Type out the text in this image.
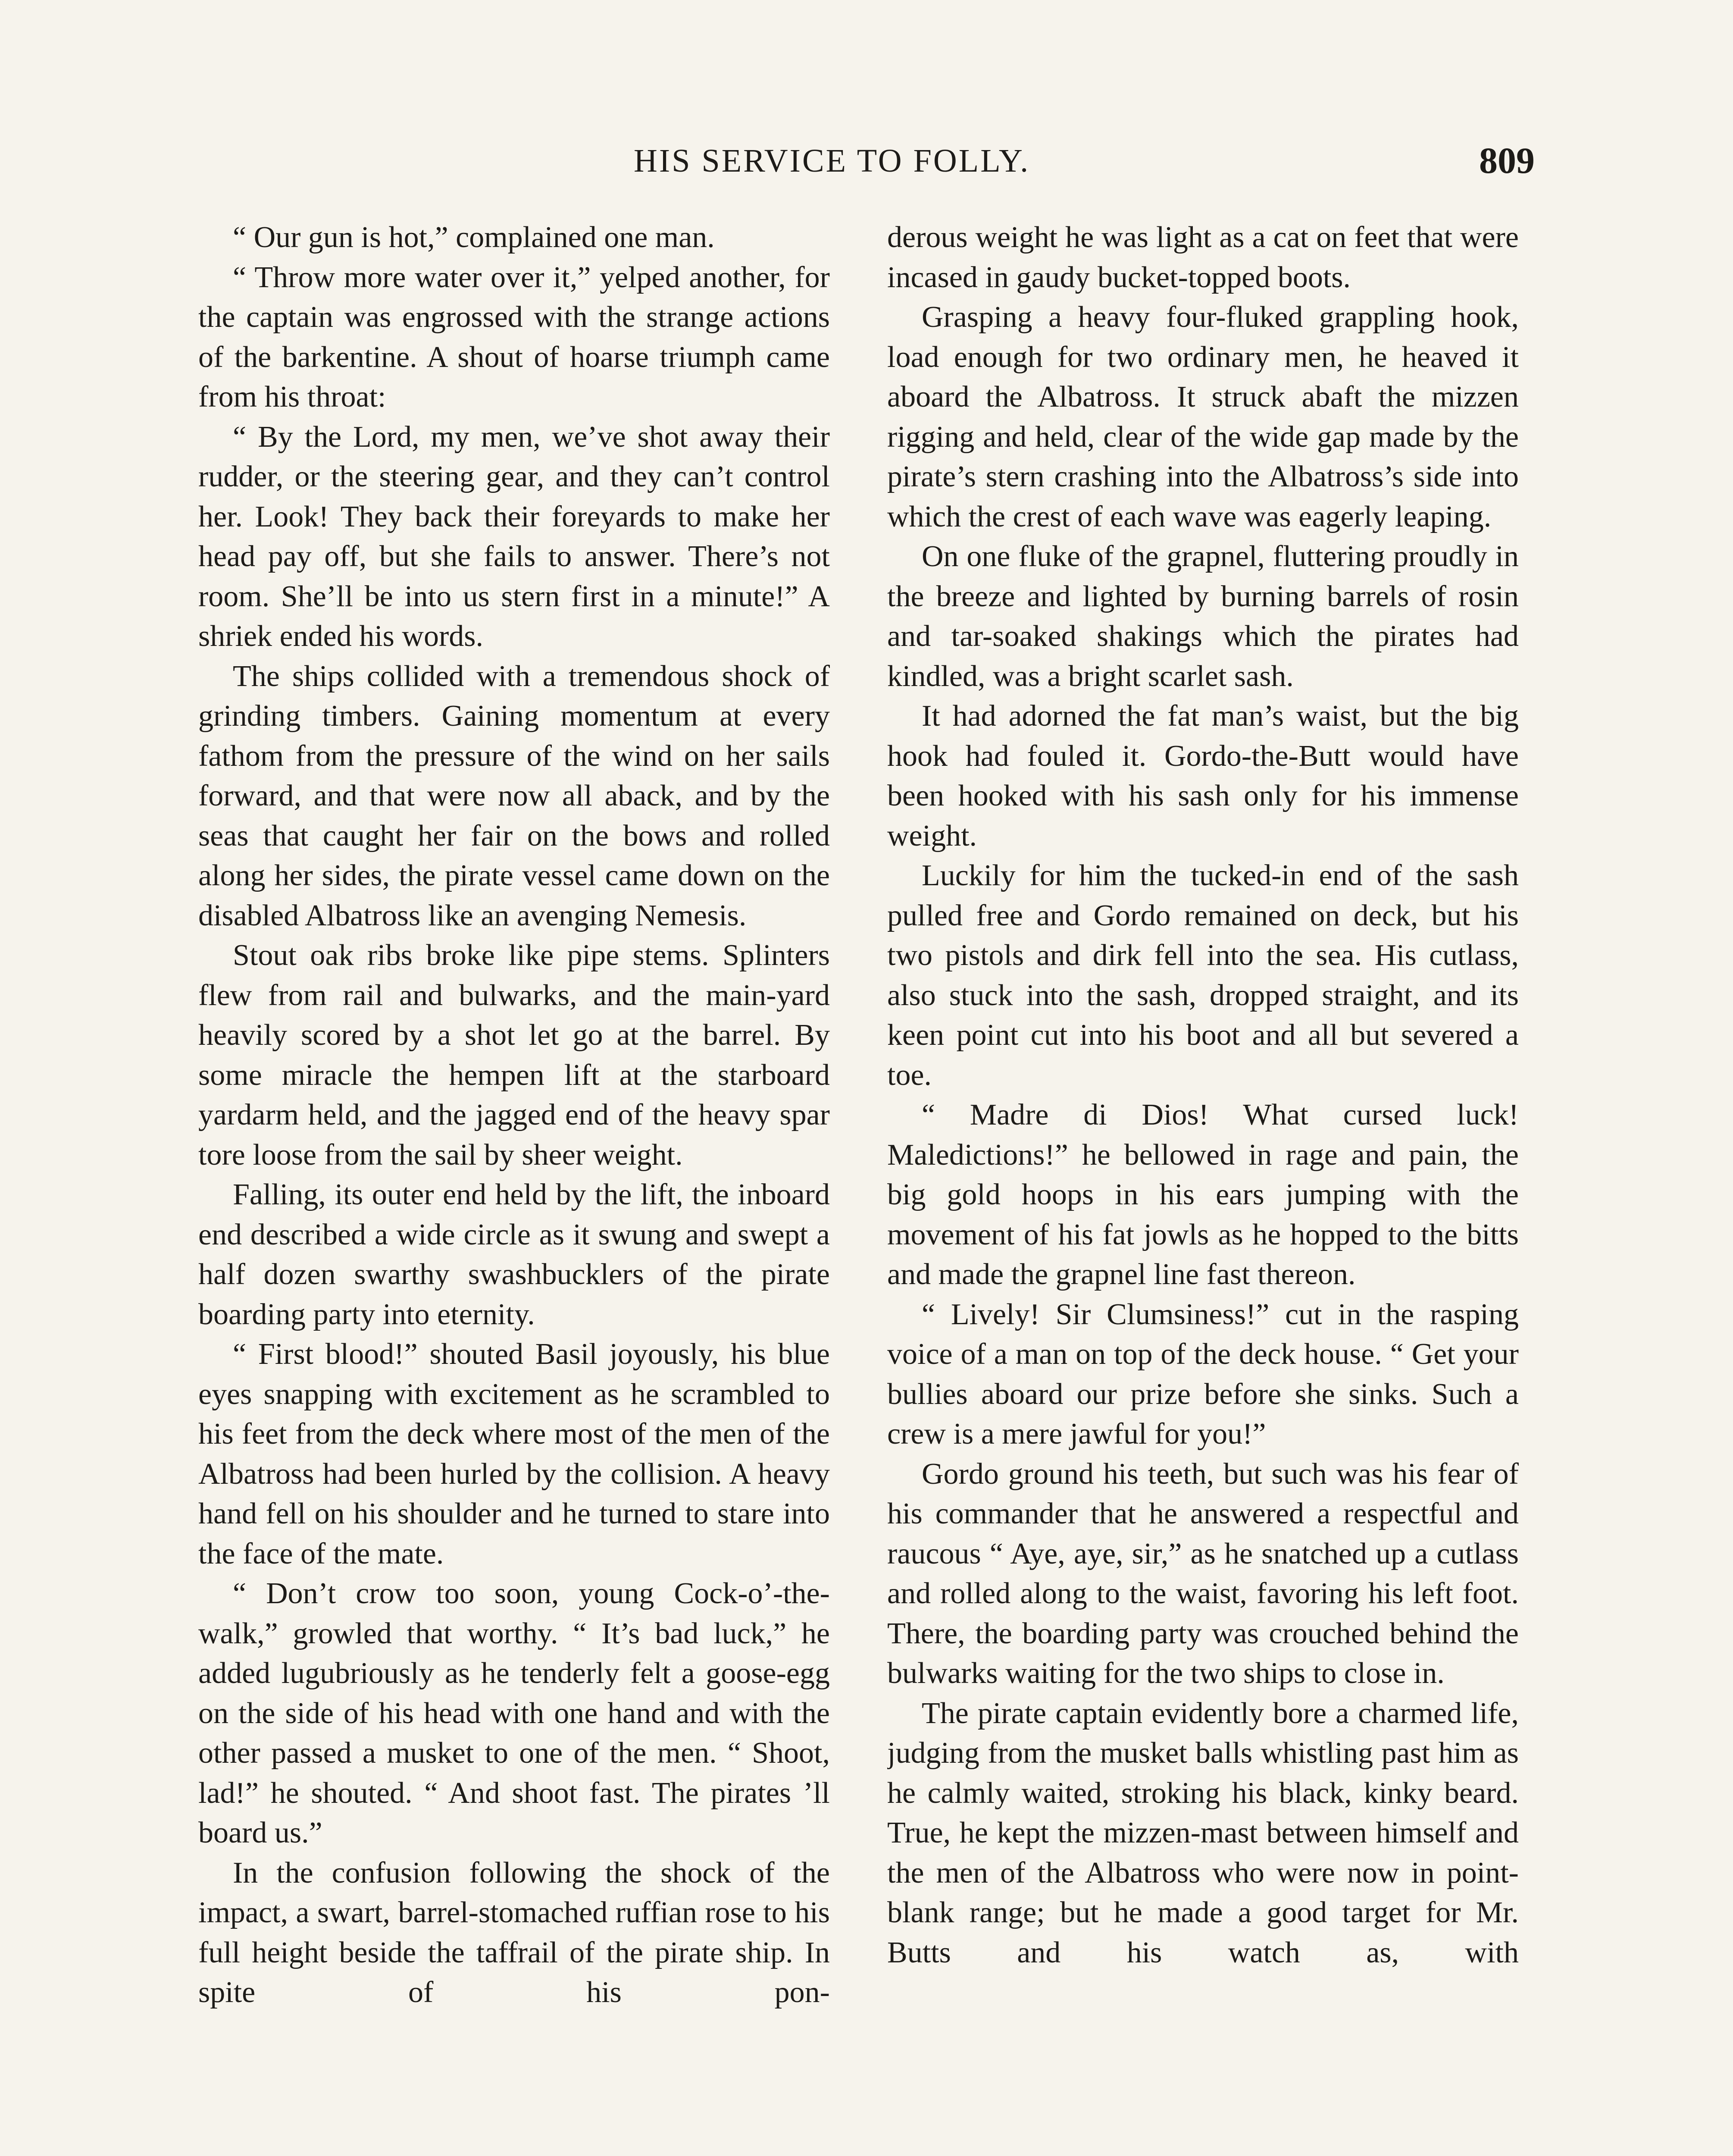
HIS SERVICE TO FOLLY.	809

“ Our gun is hot,” complained one man.

“ Throw more water over it,” yelped another, for the captain was engrossed with the strange actions of the barkentine. A shout of hoarse triumph came from his throat:

“ By the Lord, my men, we’ve shot away their rudder, or the steering gear, and they can’t control her. Look! They back their foreyards to make her head pay off, but she fails to answer. There’s not room. She’ll be into us stern first in a minute!” A shriek ended his words.

The ships collided with a tremendous shock of grinding timbers. Gaining momentum at every fathom from the pressure of the wind on her sails forward, and that were now all aback, and by the seas that caught her fair on the bows and rolled along her sides, the pirate vessel came down on the disabled Albatross like an avenging Nemesis.

Stout oak ribs broke like pipe stems. Splinters flew from rail and bulwarks, and the main-yard heavily scored by a shot let go at the barrel. By some miracle the hempen lift at the starboard yardarm held, and the jagged end of the heavy spar tore loose from the sail by sheer weight.

Falling, its outer end held by the lift, the inboard end described a wide circle as it swung and swept a half dozen swarthy swashbucklers of the pirate boarding party into eternity.

“ First blood!” shouted Basil joyously, his blue eyes snapping with excitement as he scrambled to his feet from the deck where most of the men of the Albatross had been hurled by the collision. A heavy hand fell on his shoulder and he turned to stare into the face of the mate.

“ Don’t crow too soon, young Cock-o’-the-walk,” growled that worthy. “ It’s bad luck,” he added lugubriously as he tenderly felt a goose-egg on the side of his head with one hand and with the other passed a musket to one of the men. “ Shoot, lad!” he shouted. “ And shoot fast. The pirates ’ll board us.”

In the confusion following the shock of the impact, a swart, barrel-stomached ruffian rose to his full height beside the taffrail of the pirate ship. In spite of his pon-

derous weight he was light as a cat on feet that were incased in gaudy bucket-topped boots.

Grasping a heavy four-fluked grappling hook, load enough for two ordinary men, he heaved it aboard the Albatross. It struck abaft the mizzen rigging and held, clear of the wide gap made by the pirate’s stern crashing into the Albatross’s side into which the crest of each wave was eagerly leaping.

On one fluke of the grapnel, fluttering proudly in the breeze and lighted by burning barrels of rosin and tar-soaked shakings which the pirates had kindled, was a bright scarlet sash.

It had adorned the fat man’s waist, but the big hook had fouled it. Gordo-the-Butt would have been hooked with his sash only for his immense weight.

Luckily for him the tucked-in end of the sash pulled free and Gordo remained on deck, but his two pistols and dirk fell into the sea. His cutlass, also stuck into the sash, dropped straight, and its keen point cut into his boot and all but severed a toe.

“ Madre di Dios! What cursed luck! Maledictions!” he bellowed in rage and pain, the big gold hoops in his ears jumping with the movement of his fat jowls as he hopped to the bitts and made the grapnel line fast thereon.

“ Lively! Sir Clumsiness!” cut in the rasping voice of a man on top of the deck house. “ Get your bullies aboard our prize before she sinks. Such a crew is a mere jawful for you!”

Gordo ground his teeth, but such was his fear of his commander that he answered a respectful and raucous “ Aye, aye, sir,” as he snatched up a cutlass and rolled along to the waist, favoring his left foot. There, the boarding party was crouched behind the bulwarks waiting for the two ships to close in.

The pirate captain evidently bore a charmed life, judging from the musket balls whistling past him as he calmly waited, stroking his black, kinky beard. True, he kept the mizzen-mast between himself and the men of the Albatross who were now in point-blank range; but he made a good target for Mr. Butts and his watch as, with
